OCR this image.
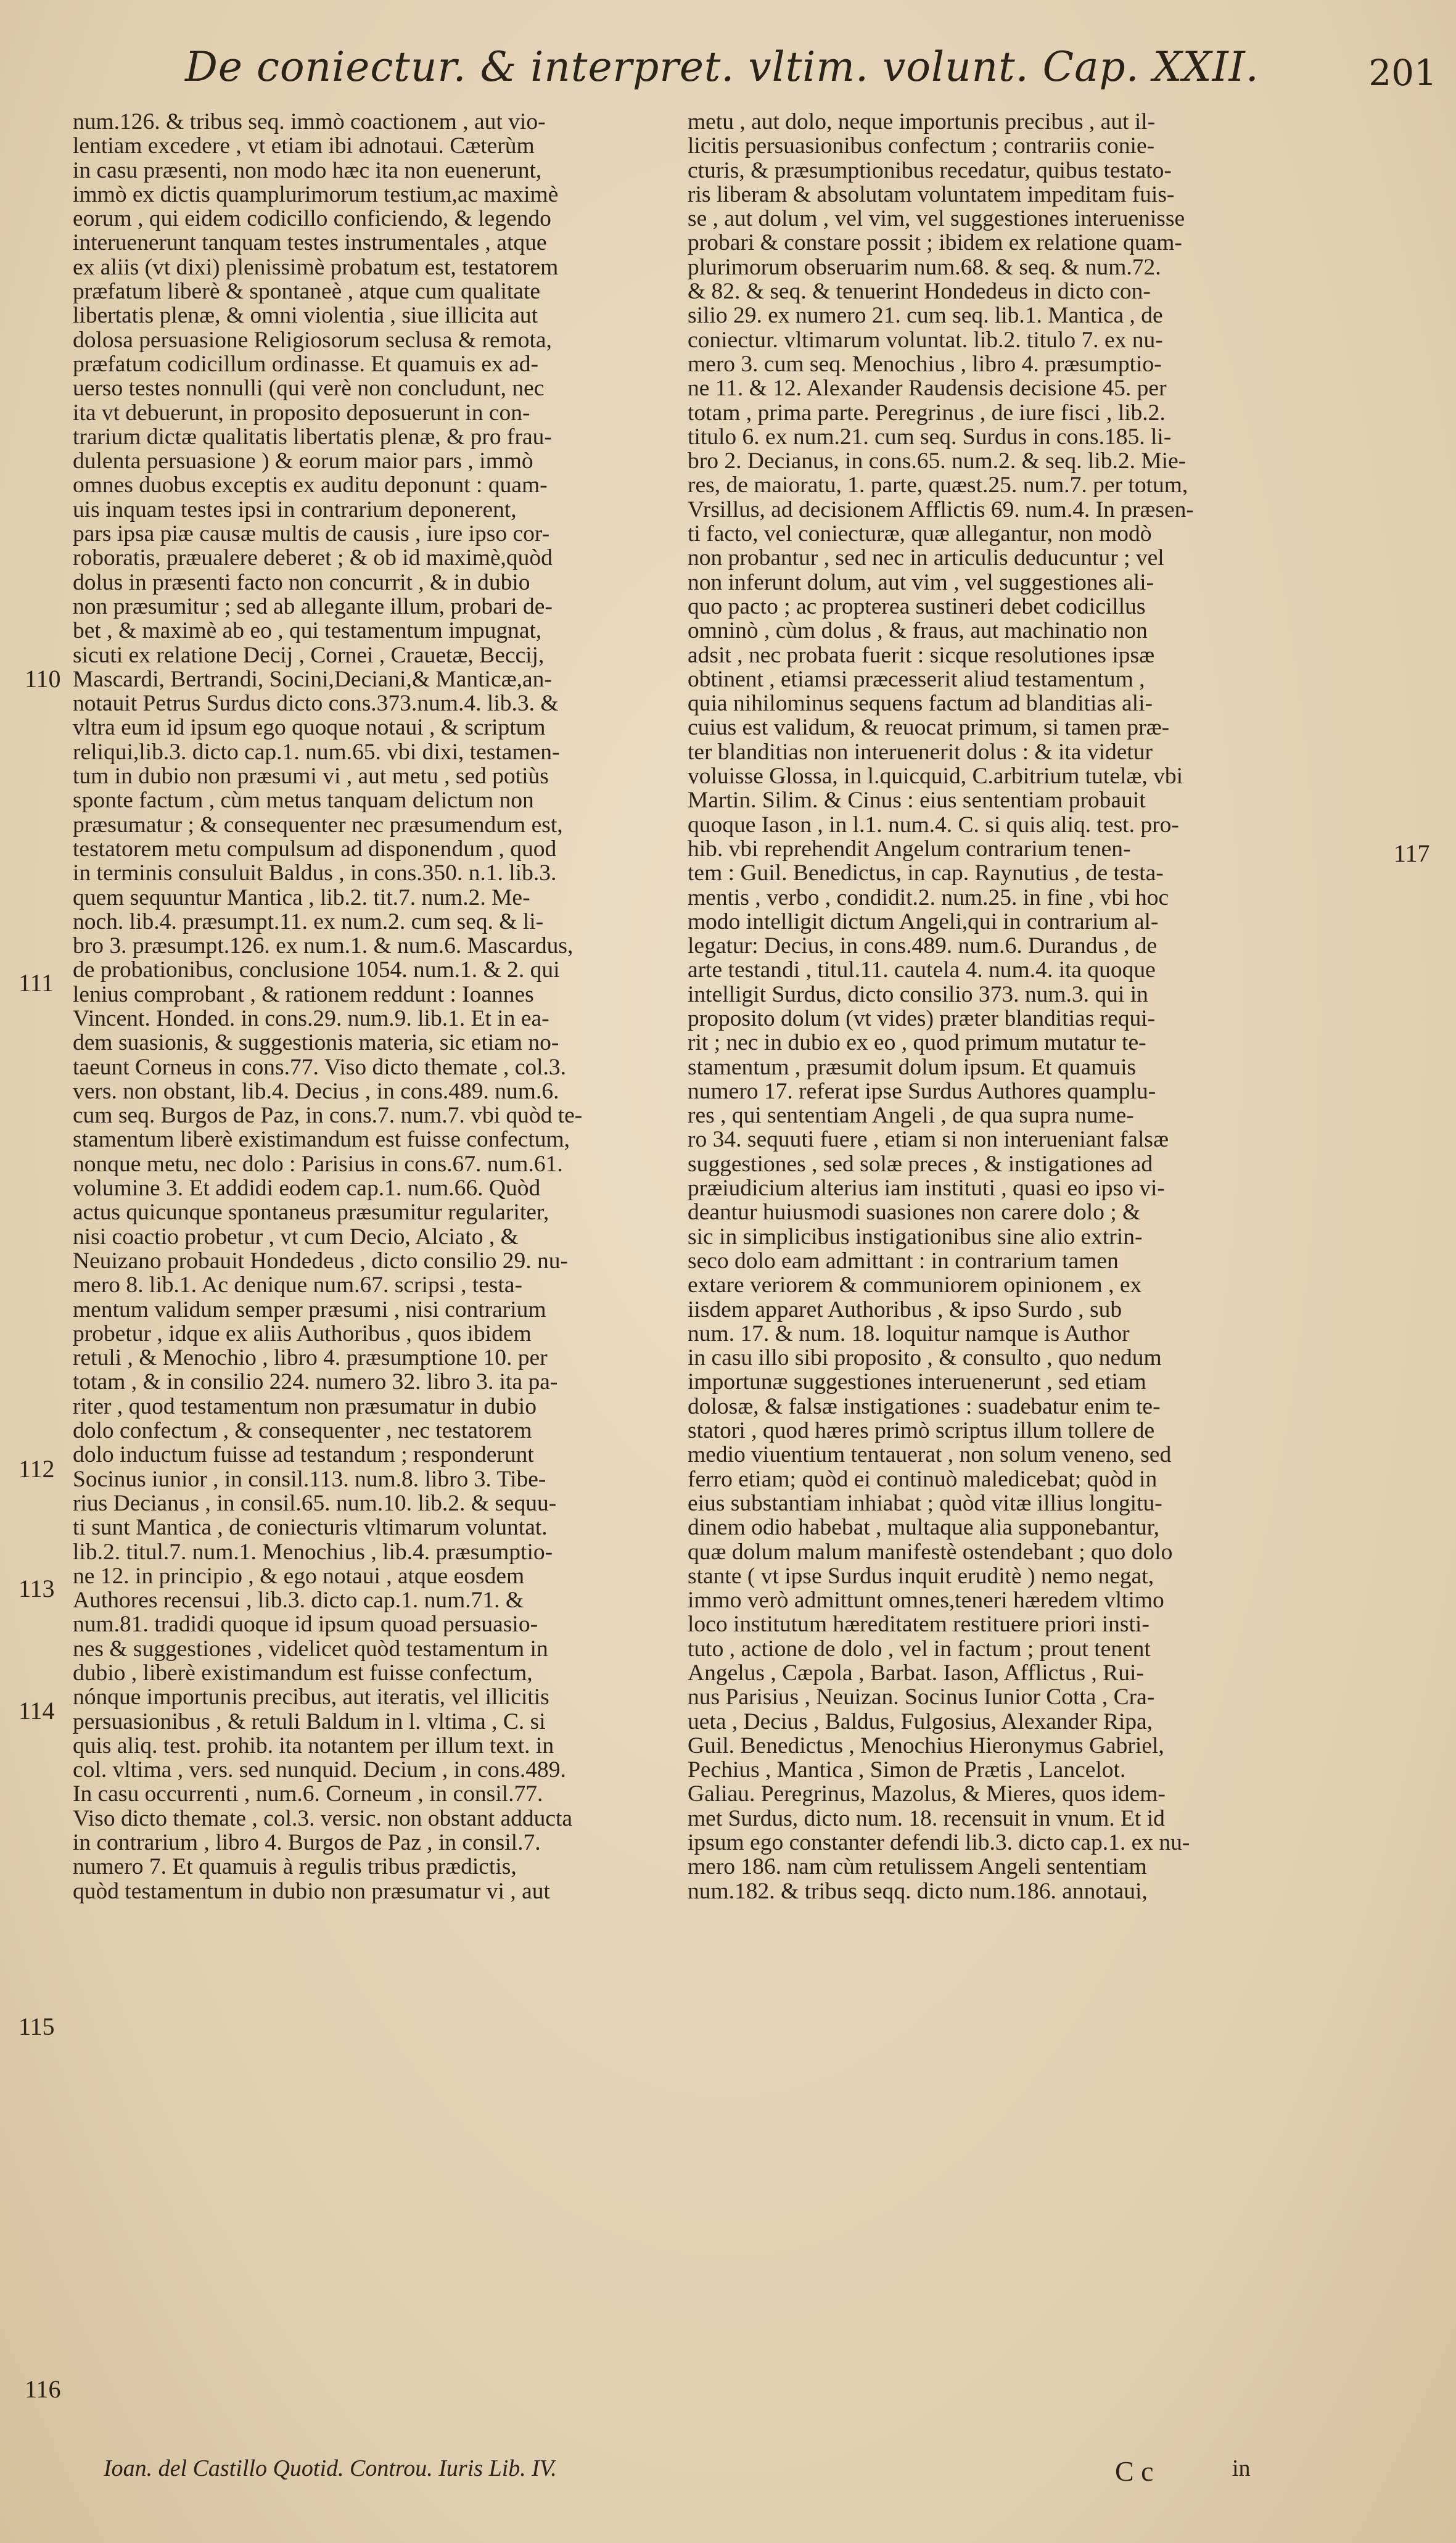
De coniectur. & interpret. vltim. volunt. Cap. XXII.	201
num.126. & tribus seq. immò coactionem , aut vio-
lentiam excedere , vt etiam ibi adnotaui. Cæterùm
in casu præsenti, non modo hæc ita non euenerunt,
immò ex dictis quamplurimorum testium,ac maximè
eorum , qui eidem codicillo conficiendo, & legendo
interuenerunt tanquam testes instrumentales , atque
ex aliis (vt dixi) plenissimè probatum est, testatorem
præfatum liberè & spontaneè , atque cum qualitate
libertatis plenæ, & omni violentia , siue illicita aut
dolosa persuasione Religiosorum seclusa & remota,
præfatum codicillum ordinasse. Et quamuis ex ad-
uerso testes nonnulli (qui verè non concludunt, nec
ita vt debuerunt, in proposito deposuerunt in con-
trarium dictæ qualitatis libertatis plenæ, & pro frau-
dulenta persuasione ) & eorum maior pars , immò
omnes duobus exceptis ex auditu deponunt : quam-
uis inquam testes ipsi in contrarium deponerent,
pars ipsa piæ causæ multis de causis , iure ipso cor-
roboratis, præualere deberet ; & ob id maximè,quòd
dolus in præsenti facto non concurrit , & in dubio
non præsumitur ; sed ab allegante illum, probari de-
bet , & maximè ab eo , qui testamentum impugnat,
sicuti ex relatione Decij , Cornei , Crauetæ, Beccij,
Mascardi, Bertrandi, Socini,Deciani,& Manticæ,an-
notauit Petrus Surdus dicto cons.373.num.4. lib.3. &
vltra eum id ipsum ego quoque notaui , & scriptum
reliqui,lib.3. dicto cap.1. num.65. vbi dixi, testamen-
tum in dubio non præsumi vi , aut metu , sed potiùs
sponte factum , cùm metus tanquam delictum non
præsumatur ; & consequenter nec præsumendum est,
testatorem metu compulsum ad disponendum , quod
in terminis consuluit Baldus , in cons.350. n.1. lib.3.
quem sequuntur Mantica , lib.2. tit.7. num.2. Me-
noch. lib.4. præsumpt.11. ex num.2. cum seq. & li-
bro 3. præsumpt.126. ex num.1. & num.6. Mascardus,
de probationibus, conclusione 1054. num.1. & 2. qui
lenius comprobant , & rationem reddunt : Ioannes
Vincent. Honded. in cons.29. num.9. lib.1. Et in ea-
dem suasionis, & suggestionis materia, sic etiam no-
taeunt Corneus in cons.77. Viso dicto themate , col.3.
vers. non obstant, lib.4. Decius , in cons.489. num.6.
cum seq. Burgos de Paz, in cons.7. num.7. vbi quòd te-
stamentum liberè existimandum est fuisse confectum,
nonque metu, nec dolo : Parisius in cons.67. num.61.
volumine 3. Et addidi eodem cap.1. num.66. Quòd
actus quicunque spontaneus præsumitur regulariter,
nisi coactio probetur , vt cum Decio, Alciato , &
Neuizano probauit Hondedeus , dicto consilio 29. nu-
mero 8. lib.1. Ac denique num.67. scripsi , testa-
mentum validum semper præsumi , nisi contrarium
probetur , idque ex aliis Authoribus , quos ibidem
retuli , & Menochio , libro 4. præsumptione 10. per
totam , & in consilio 224. numero 32. libro 3. ita pa-
riter , quod testamentum non præsumatur in dubio
dolo confectum , & consequenter , nec testatorem
dolo inductum fuisse ad testandum ; responderunt
Socinus iunior , in consil.113. num.8. libro 3. Tibe-
rius Decianus , in consil.65. num.10. lib.2. & sequu-
ti sunt Mantica , de coniecturis vltimarum voluntat.
lib.2. titul.7. num.1. Menochius , lib.4. præsumptio-
ne 12. in principio , & ego notaui , atque eosdem
Authores recensui , lib.3. dicto cap.1. num.71. &
num.81. tradidi quoque id ipsum quoad persuasio-
nes & suggestiones , videlicet quòd testamentum in
dubio , liberè existimandum est fuisse confectum,
nónque importunis precibus, aut iteratis, vel illicitis
persuasionibus , & retuli Baldum in l. vltima , C. si
quis aliq. test. prohib. ita notantem per illum text. in
col. vltima , vers. sed nunquid. Decium , in cons.489.
In casu occurrenti , num.6. Corneum , in consil.77.
Viso dicto themate , col.3. versic. non obstant adducta
in contrarium , libro 4. Burgos de Paz , in consil.7.
numero 7. Et quamuis à regulis tribus prædictis,
quòd testamentum in dubio non præsumatur vi , aut
metu , aut dolo, neque importunis precibus , aut il-
licitis persuasionibus confectum ; contrariis conie-
cturis, & præsumptionibus recedatur, quibus testato-
ris liberam & absolutam voluntatem impeditam fuis-
se , aut dolum , vel vim, vel suggestiones interuenisse
probari & constare possit ; ibidem ex relatione quam-
plurimorum obseruarim num.68. & seq. & num.72.
& 82. & seq. & tenuerint Hondedeus in dicto con-
silio 29. ex numero 21. cum seq. lib.1. Mantica , de
coniectur. vltimarum voluntat. lib.2. titulo 7. ex nu-
mero 3. cum seq. Menochius , libro 4. præsumptio-
ne 11. & 12. Alexander Raudensis decisione 45. per
totam , prima parte. Peregrinus , de iure fisci , lib.2.
titulo 6. ex num.21. cum seq. Surdus in cons.185. li-
bro 2. Decianus, in cons.65. num.2. & seq. lib.2. Mie-
res, de maioratu, 1. parte, quæst.25. num.7. per totum,
Vrsillus, ad decisionem Afflictis 69. num.4. In præsen-
ti facto, vel coniecturæ, quæ allegantur, non modò
non probantur , sed nec in articulis deducuntur ; vel
non inferunt dolum, aut vim , vel suggestiones ali-
quo pacto ; ac propterea sustineri debet codicillus
omninò , cùm dolus , & fraus, aut machinatio non
adsit , nec probata fuerit : sicque resolutiones ipsæ
obtinent , etiamsi præcesserit aliud testamentum ,
quia nihilominus sequens factum ad blanditias ali-
cuius est validum, & reuocat primum, si tamen præ-
ter blanditias non interuenerit dolus : & ita videtur
voluisse Glossa, in l.quicquid, C.arbitrium tutelæ, vbi
Martin. Silim. & Cinus : eius sententiam probauit
quoque Iason , in l.1. num.4. C. si quis aliq. test. pro-
hib. vbi reprehendit Angelum contrarium tenen-
tem : Guil. Benedictus, in cap. Raynutius , de testa-
mentis , verbo , condidit.2. num.25. in fine , vbi hoc
modo intelligit dictum Angeli,qui in contrarium al-
legatur: Decius, in cons.489. num.6. Durandus , de
arte testandi , titul.11. cautela 4. num.4. ita quoque
intelligit Surdus, dicto consilio 373. num.3. qui in
proposito dolum (vt vides) præter blanditias requi-
rit ; nec in dubio ex eo , quod primum mutatur te-
stamentum , præsumit dolum ipsum. Et quamuis
numero 17. referat ipse Surdus Authores quamplu-
res , qui sententiam Angeli , de qua supra nume-
ro 34. sequuti fuere , etiam si non interueniant falsæ
suggestiones , sed solæ preces , & instigationes ad
præiudicium alterius iam instituti , quasi eo ipso vi-
deantur huiusmodi suasiones non carere dolo ; &
sic in simplicibus instigationibus sine alio extrin-
seco dolo eam admittant : in contrarium tamen
extare veriorem & communiorem opinionem , ex
iisdem apparet Authoribus , & ipso Surdo , sub
num. 17. & num. 18. loquitur namque is Author
in casu illo sibi proposito , & consulto , quo nedum
importunæ suggestiones interuenerunt , sed etiam
dolosæ, & falsæ instigationes : suadebatur enim te-
statori , quod hæres primò scriptus illum tollere de
medio viuentium tentauerat , non solum veneno, sed
ferro etiam; quòd ei continuò maledicebat; quòd in
eius substantiam inhiabat ; quòd vitæ illius longitu-
dinem odio habebat , multaque alia supponebantur,
quæ dolum malum manifestè ostendebant ; quo dolo
stante ( vt ipse Surdus inquit eruditè ) nemo negat,
immo verò admittunt omnes,teneri hæredem vltimo
loco institutum hæreditatem restituere priori insti-
tuto , actione de dolo , vel in factum ; prout tenent
Angelus , Cæpola , Barbat. Iason, Afflictus , Rui-
nus Parisius , Neuizan. Socinus Iunior Cotta , Cra-
ueta , Decius , Baldus, Fulgosius, Alexander Ripa,
Guil. Benedictus , Menochius Hieronymus Gabriel,
Pechius , Mantica , Simon de Prætis , Lancelot.
Galiau. Peregrinus, Mazolus, & Mieres, quos idem-
met Surdus, dicto num. 18. recensuit in vnum. Et id
ipsum ego constanter defendi lib.3. dicto cap.1. ex nu-
mero 186. nam cùm retulissem Angeli sententiam
num.182. & tribus seqq. dicto num.186. annotaui,
110
111
112
113
114
115
116
117
Ioan. del Castillo Quotid. Controu. Iuris Lib. IV.	C c	in
